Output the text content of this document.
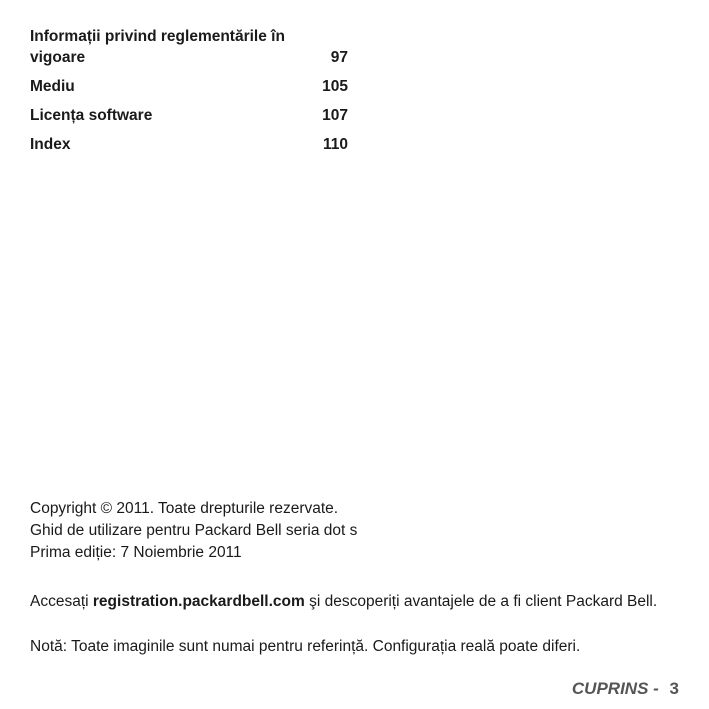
Informații privind reglementările în vigoare	97
Mediu	105
Licența software	107
Index	110
Copyright © 2011. Toate drepturile rezervate.
Ghid de utilizare pentru Packard Bell seria dot s
Prima ediție: 7 Noiembrie 2011
Accesați registration.packardbell.com şi descoperiți avantajele de a fi client Packard Bell.
Notă: Toate imaginile sunt numai pentru referință. Configurația reală poate diferi.
CUPRINS - 3
